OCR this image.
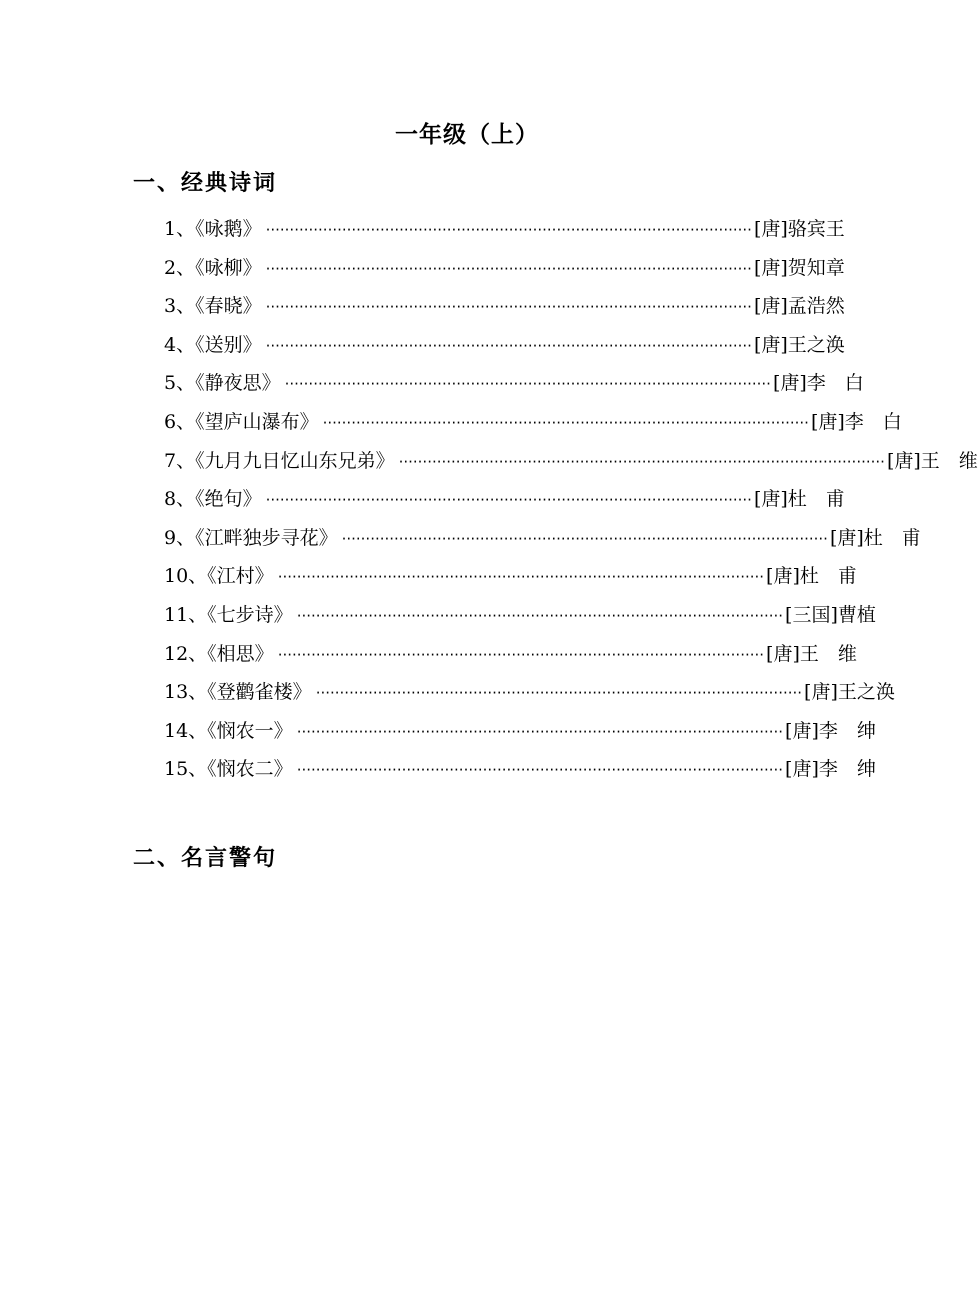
一年级（上）
一、经典诗词
1、《咏鹅》 ······································································································ [唐]骆宾王
2、《咏柳》 ······································································································ [唐]贺知章
3、《春晓》 ······································································································ [唐]孟浩然
4、《送别》 ······································································································ [唐]王之涣
5、《静夜思》 ······································································································ [唐]李　白
6、《望庐山瀑布》 ······································································································ [唐]李　白
7、《九月九日忆山东兄弟》 ······································································································ [唐]王　维
8、《绝句》 ······································································································ [唐]杜　甫
9、《江畔独步寻花》 ······································································································ [唐]杜　甫
10、《江村》 ······································································································ [唐]杜　甫
11、《七步诗》 ······································································································ [三国]曹植
12、《相思》 ······································································································ [唐]王　维
13、《登鹳雀楼》 ······································································································ [唐]王之涣
14、《悯农一》 ······································································································ [唐]李　绅
15、《悯农二》 ······································································································ [唐]李　绅
二、名言警句
